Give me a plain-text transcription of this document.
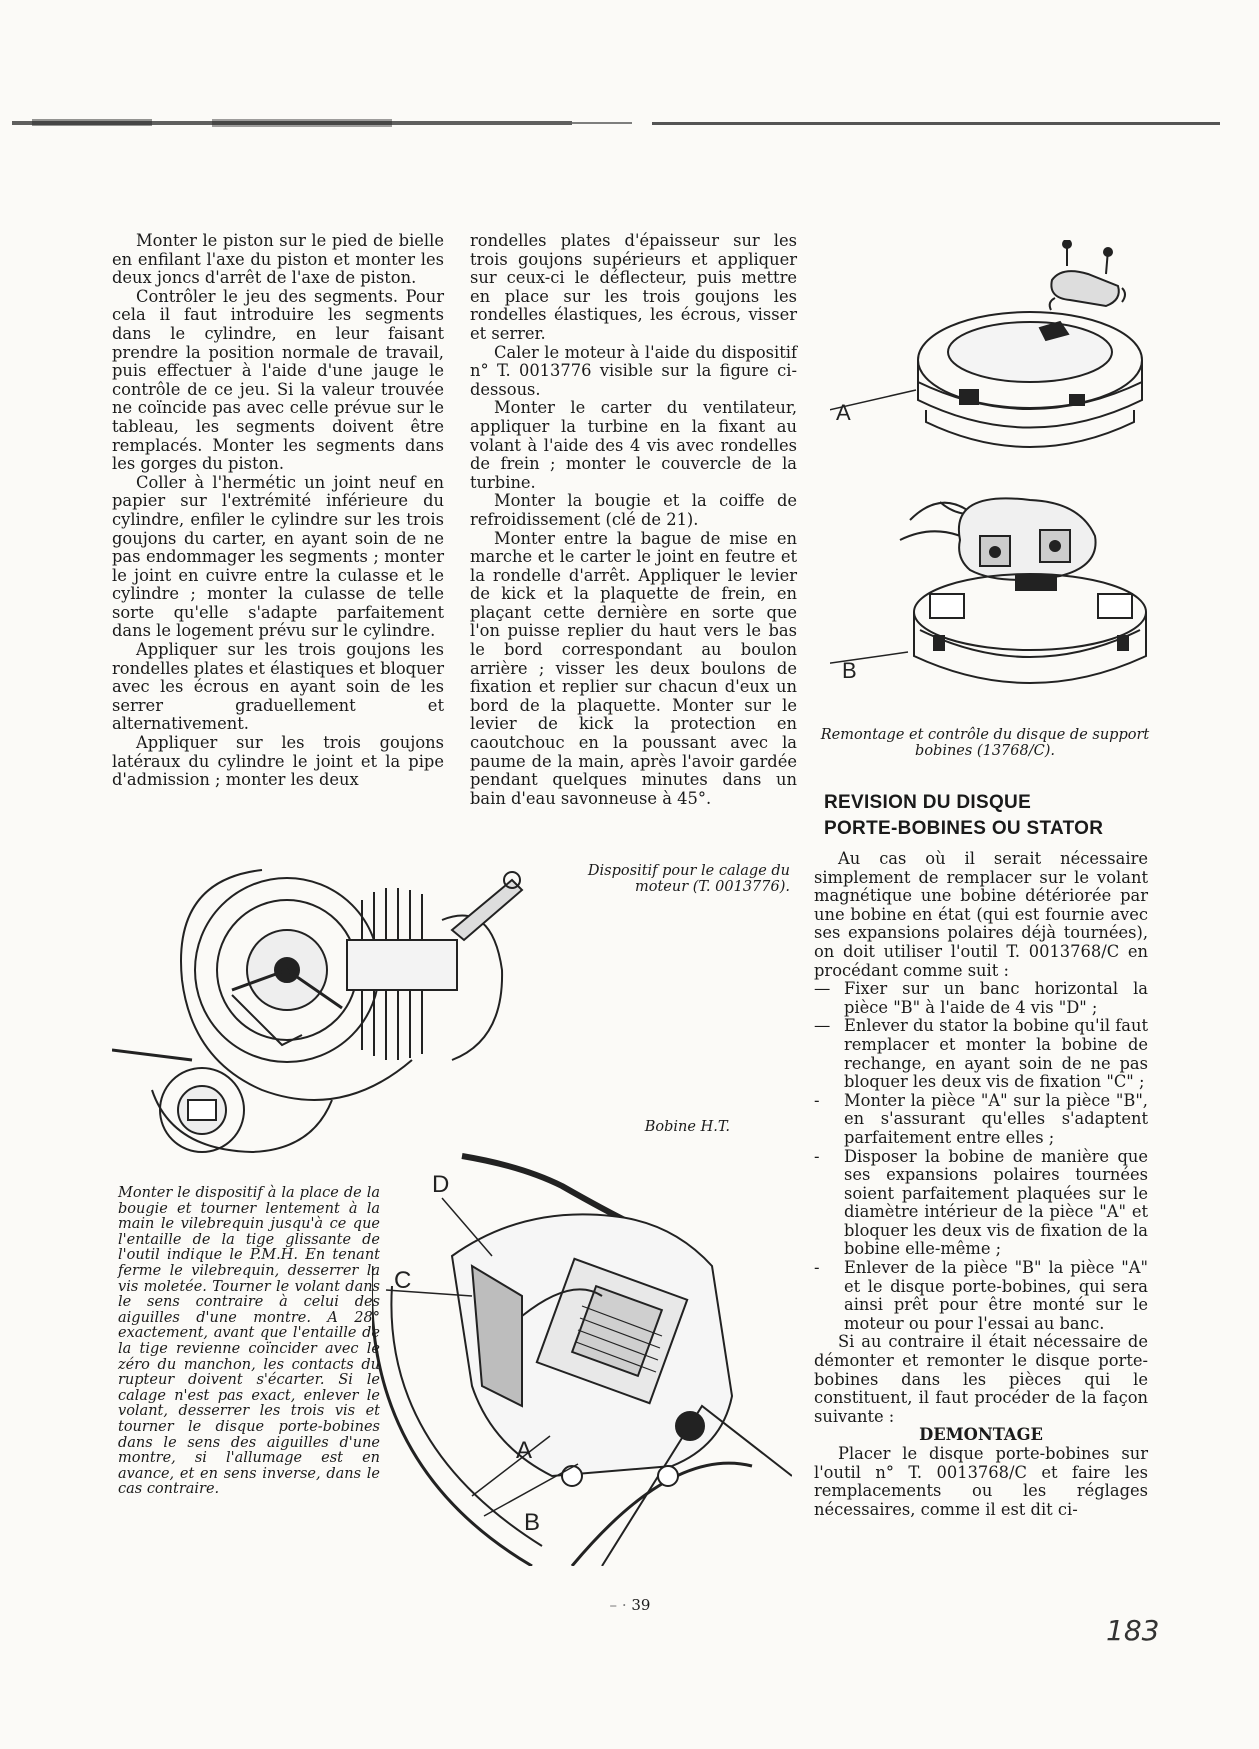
Monter le piston sur le pied de bielle en enfilant l'axe du piston et monter les deux joncs d'arrêt de l'axe de piston.

Contrôler le jeu des segments. Pour cela il faut introduire les segments dans le cylindre, en leur faisant prendre la position normale de travail, puis effectuer à l'aide d'une jauge le contrôle de ce jeu. Si la valeur trouvée ne coïncide pas avec celle prévue sur le tableau, les segments doivent être remplacés. Monter les segments dans les gorges du piston.

Coller à l'hermétic un joint neuf en papier sur l'extrémité inférieure du cylindre, enfiler le cylindre sur les trois goujons du carter, en ayant soin de ne pas endommager les segments ; monter le joint en cuivre entre la culasse et le cylindre ; monter la culasse de telle sorte qu'elle s'adapte parfaitement dans le logement prévu sur le cylindre.

Appliquer sur les trois goujons les rondelles plates et élastiques et bloquer avec les écrous en ayant soin de les serrer graduellement et alternativement.

Appliquer sur les trois goujons latéraux du cylindre le joint et la pipe d'admission ; monter les deux

rondelles plates d'épaisseur sur les trois goujons supérieurs et appliquer sur ceux-ci le déflecteur, puis mettre en place sur les trois goujons les rondelles élastiques, les écrous, visser et serrer.

Caler le moteur à l'aide du dispositif n° T. 0013776 visible sur la figure ci-dessous.

Monter le carter du ventilateur, appliquer la turbine en la fixant au volant à l'aide des 4 vis avec rondelles de frein ; monter le couvercle de la turbine.

Monter la bougie et la coiffe de refroidissement (clé de 21).

Monter entre la bague de mise en marche et le carter le joint en feutre et la rondelle d'arrêt. Appliquer le levier de kick et la plaquette de frein, en plaçant cette dernière en sorte que l'on puisse replier du haut vers le bas le bord correspondant au boulon arrière ; visser les deux boulons de fixation et replier sur chacun d'eux un bord de la plaquette. Monter sur le levier de kick la protection en caoutchouc en la poussant avec la paume de la main, après l'avoir gardée pendant quelques minutes dans un bain d'eau savonneuse à 45°.

A
B
Remontage et contrôle du disque de support bobines (13768/C).
REVISION DU DISQUE
PORTE-BOBINES OU STATOR

Au cas où il serait nécessaire simplement de remplacer sur le volant magnétique une bobine détériorée par une bobine en état (qui est fournie avec ses expansions polaires déjà tournées), on doit utiliser l'outil T. 0013768/C en procédant comme suit :

— Fixer sur un banc horizontal la pièce "B" à l'aide de 4 vis "D" ;

— Enlever du stator la bobine qu'il faut remplacer et monter la bobine de rechange, en ayant soin de ne pas bloquer les deux vis de fixation "C" ;

- Monter la pièce "A" sur la pièce "B", en s'assurant qu'elles s'adaptent parfaitement entre elles ;

- Disposer la bobine de manière que ses expansions polaires tournées soient parfaitement plaquées sur le diamètre intérieur de la pièce "A" et bloquer les deux vis de fixation de la bobine elle-même ;

- Enlever de la pièce "B" la pièce "A" et le disque porte-bobines, qui sera ainsi prêt pour être monté sur le moteur ou pour l'essai au banc.

Si au contraire il était nécessaire de démonter et remonter le disque porte-bobines dans les pièces qui le constituent, il faut procéder de la façon suivante :

DEMONTAGE

Placer le disque porte-bobines sur l'outil n° T. 0013768/C et faire les remplacements ou les réglages nécessaires, comme il est dit ci-

Dispositif pour le calage du moteur (T. 0013776).
D
C
A
B
Bobine H.T.
Monter le dispositif à la place de la bougie et tourner lentement à la main le vilebrequin jusqu'à ce que l'entaille de la tige glissante de l'outil indique le P.M.H. En tenant ferme le vilebrequin, desserrer la vis moletée. Tourner le volant dans le sens contraire à celui des aiguilles d'une montre. A 28° exactement, avant que l'entaille de la tige revienne coïncider avec le zéro du manchon, les contacts du rupteur doivent s'écarter. Si le calage n'est pas exact, enlever le volant, desserrer les trois vis et tourner le disque porte-bobines dans le sens des aiguilles d'une montre, si l'allumage est en avance, et en sens inverse, dans le cas contraire.
– · 39
183
